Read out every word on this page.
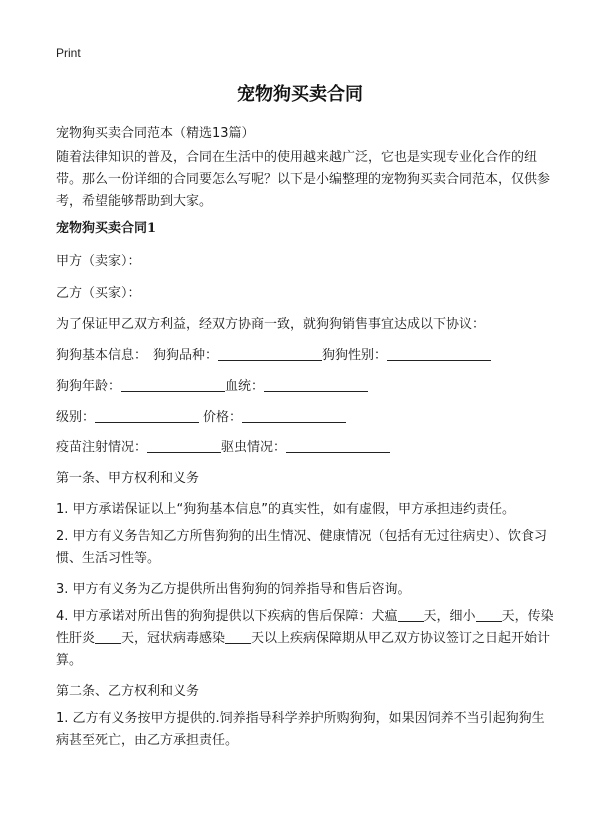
Print
宠物狗买卖合同
宠物狗买卖合同范本（精选13篇）
随着法律知识的普及，合同在生活中的使用越来越广泛，它也是实现专业化合作的纽带。那么一份详细的合同要怎么写呢？以下是小编整理的宠物狗买卖合同范本，仅供参考，希望能够帮助到大家。
宠物狗买卖合同1
甲方（卖家）：
乙方（买家）：
为了保证甲乙双方利益，经双方协商一致，就狗狗销售事宜达成以下协议：
狗狗基本信息： 狗狗品种：	狗狗性别：
狗狗年龄：	血统：
级别：	价格：
疫苗注射情况：	驱虫情况：
第一条、甲方权利和义务
1. 甲方承诺保证以上“狗狗基本信息”的真实性，如有虚假，甲方承担违约责任。
2. 甲方有义务告知乙方所售狗狗的出生情况、健康情况（包括有无过往病史）、饮食习惯、生活习性等。
3. 甲方有义务为乙方提供所出售狗狗的饲养指导和售后咨询。
4. 甲方承诺对所出售的狗狗提供以下疾病的售后保障：犬瘟 天，细小 天，传染性肝炎 天，冠状病毒感染 天以上疾病保障期从甲乙双方协议签订之日起开始计算。
第二条、乙方权利和义务
1. 乙方有义务按甲方提供的.饲养指导科学养护所购狗狗，如果因饲养不当引起狗狗生病甚至死亡，由乙方承担责任。
